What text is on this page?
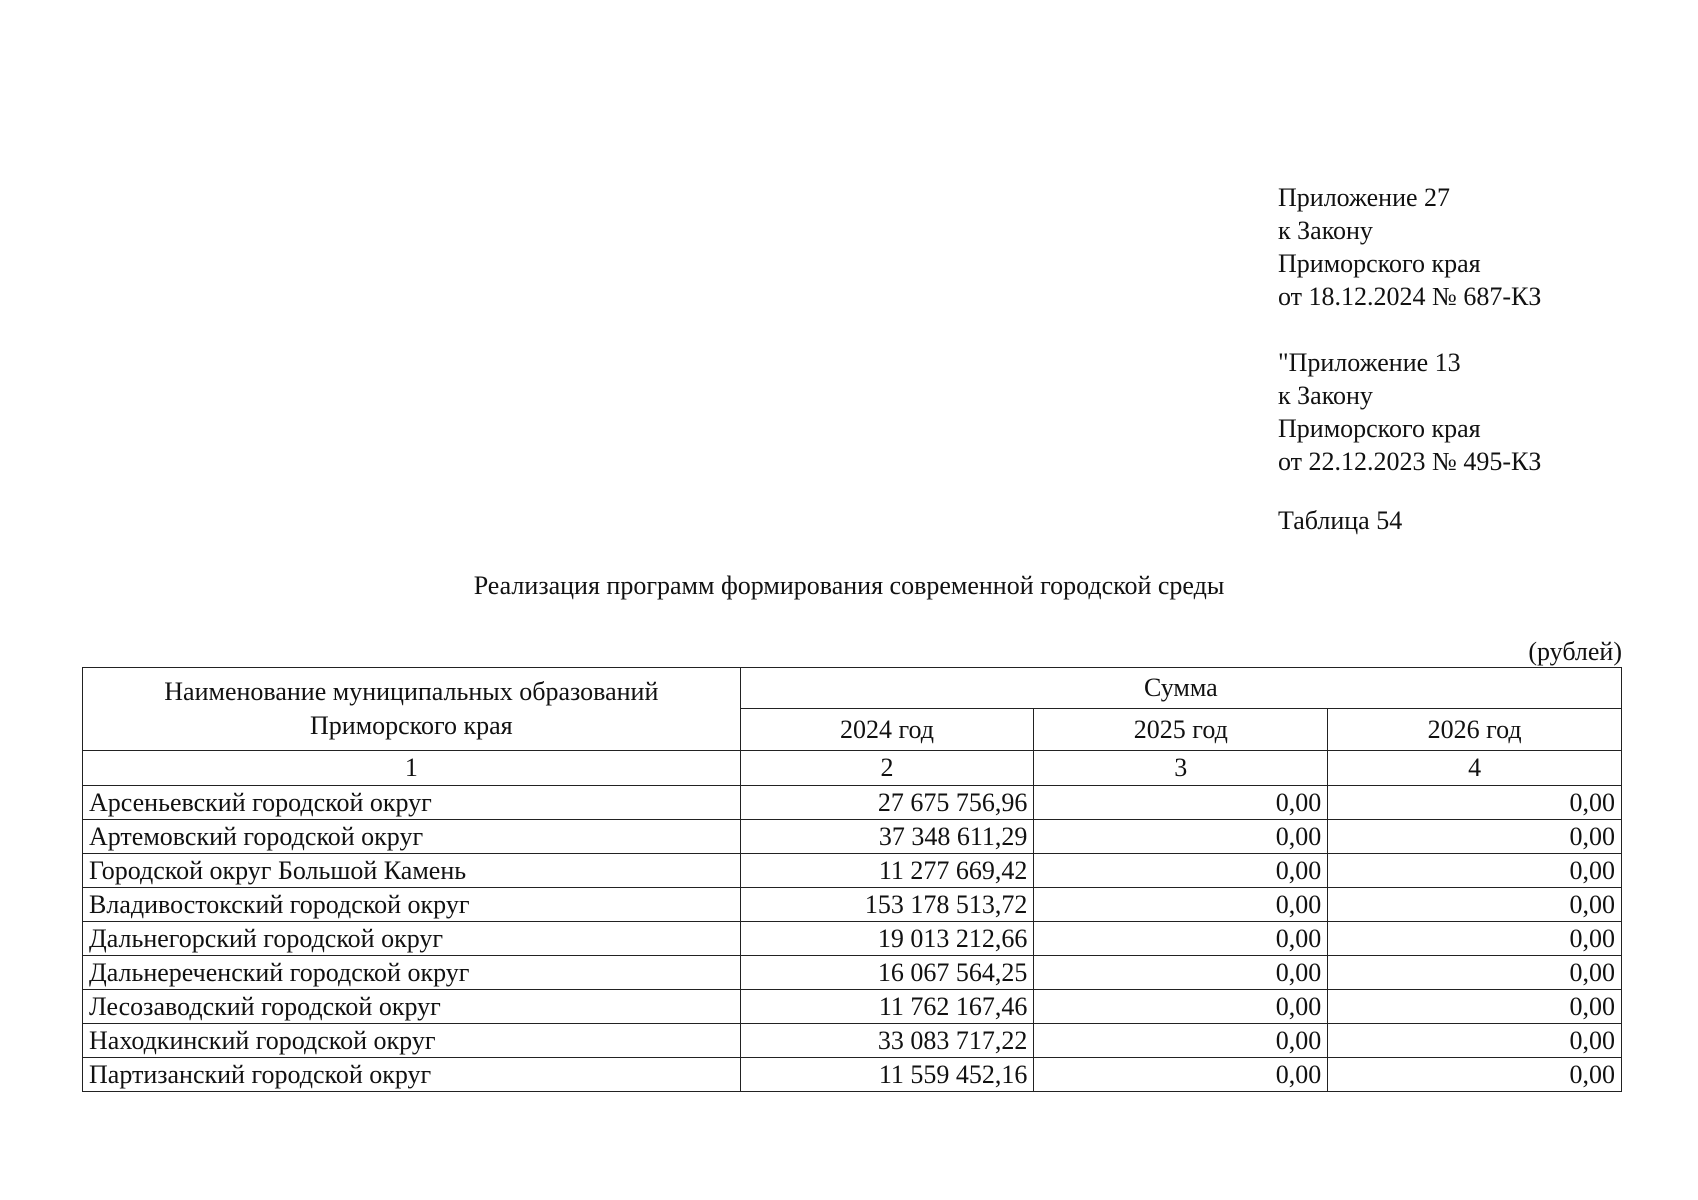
Приложение 27
к Закону
Приморского края
от 18.12.2024 № 687-КЗ
"Приложение 13
к Закону
Приморского края
от 22.12.2023 № 495-КЗ
Таблица 54
Реализация программ формирования современной городской среды
(рублей)
Наименование муниципальных образований
Приморского края	Сумма		
	2024 год	2025 год	2026 год
1	2	3	4
Арсеньевский городской округ	27 675 756,96	0,00	0,00
Артемовский городской округ	37 348 611,29	0,00	0,00
Городской округ Большой Камень	11 277 669,42	0,00	0,00
Владивостокский городской округ	153 178 513,72	0,00	0,00
Дальнегорский городской округ	19 013 212,66	0,00	0,00
Дальнереченский городской округ	16 067 564,25	0,00	0,00
Лесозаводский городской округ	11 762 167,46	0,00	0,00
Находкинский городской округ	33 083 717,22	0,00	0,00
Партизанский городской округ	11 559 452,16	0,00	0,00
